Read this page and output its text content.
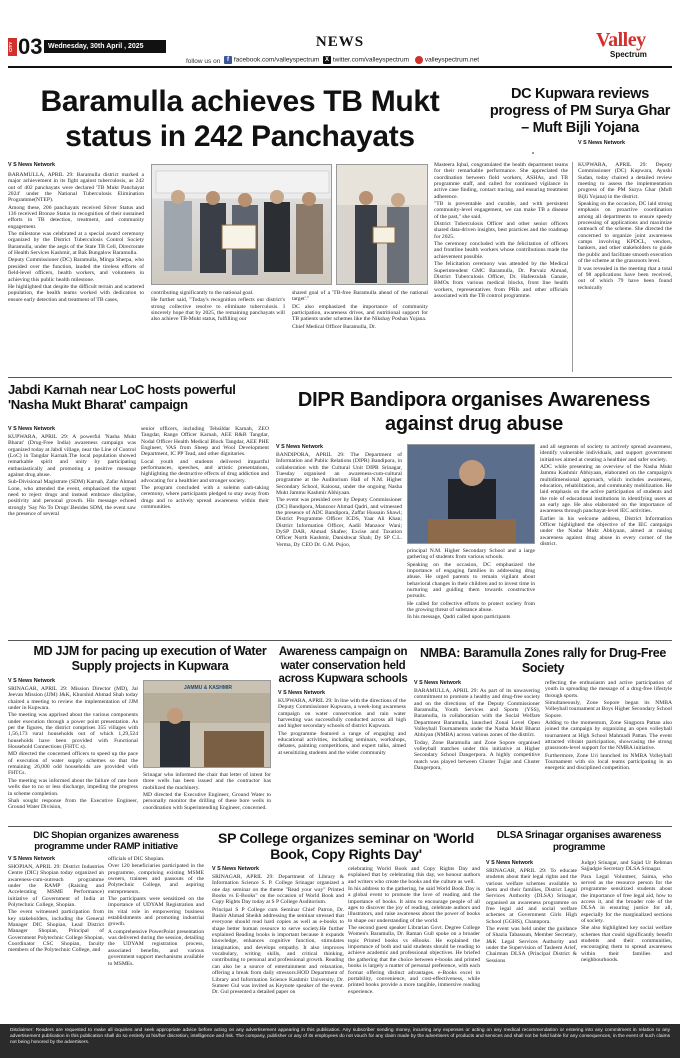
CITY 03 Wednesday, 30th April , 2025	NEWS
follow us on	f facebook.com/valleyspectrum X twitter.com/valleyspectrum	valleyspectrum.net
Valley
Spectrum
Baramulla achieves TB Mukt status in 242 Panchayats
V S News Network

BARAMULLA, APRIL 29: Baramulla district marked a major achievement in its fight against tuberculosis, as 242 out of 402 panchayats were declared 'TB Mukt Panchayat 2024' under the National Tuberculosis Elimination Programme(NTEP).

Among these, 206 panchayats received Silver Status and 136 received Bronze Status in recognition of their sustained efforts in TB detection, treatment, and community engagement.

The milestone was celebrated at a special award ceremony organized by the District Tuberculosis Control Society Baramulla, under the aegis of the State TB Cell, Directorate of Health Services Kashmir, at Bak Bungalow Baramulla.

Deputy Commissioner (DC) Baramulla, Minga Sherpa, who presided over the function, lauded the tireless efforts of field-level officers, health workers, and volunteers in achieving this public health milestone.

He highlighted that despite the difficult terrain and scattered population, the health teams worked with dedication to ensure early detection and treatment of TB cases,

contributing significantly to the national goal.

He further said, "Today's recognition reflects our district's strong collective resolve to eliminate tuberculosis. I sincerely hope that by 2025, the remaining panchayats will also achieve TB-Mukt status, fulfilling our

shared goal of a 'TB-free Baramulla ahead of the national target'."

DC also emphasized the importance of community participation, awareness drives, and nutritional support for TB patients under schemes like the Nikshay Poshan Yojana.

Chief Medical Officer Baramulla, Dr.

Masteera Iqbal, congratulated the health department teams for their remarkable performance. She appreciated the coordination between field workers, ASHAs, and TB programme staff, and called for continued vigilance in active case finding, contact tracing, and ensuring treatment adherence.

"TB is preventable and curable, and with persistent community-level engagement, we can make TB a disease of the past," she said.

District Tuberculosis Officer and other senior officers shared data-driven insights, best practices and the roadmap for 2025.

The ceremony concluded with the felicitation of officers and frontline health workers whose contributions made the achievement possible.

The felicitation ceremony was attended by the Medical Superintendent GMC Baramulla, Dr. Parvaiz Ahmad, District Tuberculosis Officer, Dr. Hafeezulah Ganaie, BMOs from various medical blocks, front line health workers, representatives from PRIs and other officials associated with the TB control programme.

DC Kupwara reviews progress of PM Surya Ghar – Muft Bijli Yojana
V S News Network

KUPWARA, APRIL 29: Deputy Commissioner (DC) Kupwara, Ayushi Sudan, today chaired a detailed review meeting to assess the implementation progress of the PM Surya Ghar (Muft Bijli Yojana) in the district.

Speaking on the occasion, DC laid strong emphasis on proactive coordination among all departments to ensure speedy processing of applications and maximize outreach of the scheme. She directed the concerned to organize joint awareness camps involving KPDCL, vendors, bankers, and other stakeholders to guide the public and facilitate smooth execution of the scheme at the grassroots level.

It was revealed in the meeting that a total of 98 applications have been received, out of which 79 have been found technically

Jabdi Karnah near LoC hosts powerful 'Nasha Mukt Bharat' campaign
V S News Network

KUPWARA, APRIL 29: A powerful 'Nasha Mukt Bharat' (Drug-Free India) awareness campaign was organized today at Jabdi village, near the Line of Control (LoC) in Tangdar Karnah.The local population showed remarkable spirit and unity by participating enthusiastically and promoting a positive message against drug abuse.

Sub-Divisional Magistrate (SDM) Karnah, Zafar Ahmad Lone, who attended the event, emphasized the urgent need to reject drugs and instead embrace discipline, positivity and personal growth. His message echoed strongly 'Say No To Drugs'.Besides SDM, the event saw the presence of several

senior officers, including Tehsildar Karnah, ZEO Tangdar, Range Officer Karnah, AEE R&B Tangdar, Nodal Officer Health Medical Block Tangdar, AEE PHE Engineer, VAS from Sheep and Wool Development Department, IC PP Tead, and other dignitaries.

Local youth and students delivered impactful performances, speeches, and artistic presentations, highlighting the destructive effects of drug addiction and advocating for a healthier and stronger society.

The program concluded with a solemn oath-taking ceremony, where participants pledged to stay away from drugs and to actively spread awareness within their communities.

DIPR Bandipora organises Awareness against drug abuse
V S News Network

BANDIPORA, APRIL 29: The Department of Information and Public Relations (DIPR) Bandipora, in collaboration with the Cultural Unit DIPR Srinagar, Tuesday organised an awareness-cum-cultural programme at the Auditorium Hall of N.M. Higher Secondary School, Kaloosa, under the ongoing Nasha Mukt Jammu Kashmir Abhiyaan.

The event was presided over by Deputy Commissioner (DC) Bandipora, Manzoor Ahmad Qadri, and witnessed the presence of ADC Bandipora, Zaffar Hussain Shawl; District Programme Officer ICDS, Yaar Ali Khan; District Information Officer, Aadil Manzoor Wani; DySP DAR, Ahmad Shafee; Excise and Taxation Officer North Kashmir, Danishwar Shah; Dy SP C.L. Verma, Dy CEO Dr. G.M. Pujoo,

principal N.M. Higher Secondary School and a large gathering of students from various schools.

Speaking on the occasion, DC emphasized the importance of engaging families in addressing drug abuse. He urged parents to remain vigilant about behavioral changes in their children and to invest time in nurturing and guiding them towards constructive pursuits.

He called for collective efforts to protect society from the growing threat of substance abuse.

In his message, Qadri called upon participants

and all segments of society to actively spread awareness, identify vulnerable individuals, and support government initiatives aimed at creating a healthier and safer society.

ADC while presenting an overview of the Nasha Mukt Jammu Kashmir Abhiyaan, elaborated on the campaign's multidimensional approach, which includes awareness, education, rehabilitation, and community mobilization. He laid emphasis on the active participation of students and the role of educational institutions in identifying users at an early age. He also elaborated on the importance of awareness through panchayat-level IEC activities.

Earlier in his welcome address, District Information Officer highlighted the objective of the IEC campaign under the Nasha Mukt Abhiyaan, aimed at raising awareness against drug abuse in every corner of the district.

MD JJM for pacing up execution of Water Supply projects in Kupwara
V S News Network

SRINAGAR, APRIL 29: Mission Director (MD), Jal Jeevan Mission (JJM) J&K, Khurshid Ahmad Shah today chaired a meeting to review the implementation of JJM under in Kupwara.

The meeting was apprised about the various components under execution through a power point presentation. As per the figures, the district comprises 355 villages with 1,56,173 rural households out of which 1,29,524 households have been provided with Functional Household Connections (FHTC s).

MD directed the concerned officers to speed up the pace of execution of water supply schemes so that the remaining 26,000 odd households are provided with FHTCs.

The meeting was informed about the failure of rate bore wells due to no or less discharge, impeding the progress in scheme completion.

Shah sought response from the Executive Engineer, Ground Water Division,

JAMMU & KASHMIR

Srinagar who informed the chair that letter of intent for three wells has been issued and the contractor has mobilized the machinery.

MD directed the Executive Engineer, Ground Water to personally monitor the drilling of these bore wells in coordination with Superintending Engineer, concerned.

Awareness campaign on water conservation held across Kupwara schools
V S News Network

KUPWARA, APRIL 29: In line with the directions of the Deputy Commissioner Kupwara, a week-long awareness campaign on water conservation and rain water harvesting was successfully conducted across all high and higher secondary schools of district Kupwara.

The programme featured a range of engaging and educational activities, including seminars, workshops, debates, painting competitions, and expert talks, aimed at sensitizing students and the wider community

NMBA: Baramulla Zones rally for Drug-Free Society
V S News Network

BARAMULLA, APRIL 29: As part of its unwavering commitment to promote a healthy and drug-free society and on the directions of the Deputy Commissioner Baramulla, Youth Services and Sports (YSS), Baramulla, in collaboration with the Social Welfare Department Baramulla, launched Zonal Level Open Volleyball Tournaments under the Nasha Mukt Bharat Abhiyan (NMBA) across various zones of the district.

Today, Zone Baramulla and Zone Sopore organised volleyball matches under this initiative at Higher Secondary School Dangerpora. A highly competitive match was played between Cluster Tujjar and Cluster Dangerpora,

reflecting the enthusiasm and active participation of youth in spreading the message of a drug-free lifestyle through sports.

Simultaneously, Zone Sopore began its NMBA Volleyball tournament at Boys Higher Secondary School Sopore.

Adding to the momentum, Zone Singpora Pattan also joined the campaign by organizing an open volleyball tournament at High School Mahmadi Pattan. The event attracted vibrant participation, showcasing the strong grassroots-level support for the NMBA initiative.

Furthermore, Zone Uri launched its NMBA Volleyball Tournament with six local teams participating in an energetic and disciplined competition.

DIC Shopian organizes awareness programme under RAMP initiative
V S News Network

SHOPIAN, APRIL 29: District Industries Centre (DIC) Shopian today organized an awareness-cum-outreach programme under the RAMP (Raising and Accelerating MSME Performance) initiative of Government of India at Polytechnic College, Shopian.

The event witnessed participation from key stakeholders, including the General Manager DIC Shopian, Lead District Manager Shopian, Principal of Government Polytechnic College Shopian, Coordinator CSC Shopian, faculty members of the Polytechnic College, and

officials of DIC Shopian.

Over 120 beneficiaries participated in the programme, comprising existing MSME owners, trainees and passouts of the Polytechnic College, and aspiring entrepreneurs.

The participants were sensitized on the importance of UDYAM Registration and its vital role in empowering business establishments and promoting industrial growth.

A comprehensive PowerPoint presentation was delivered during the session, detailing the UDYAM registration process, associated benefits, and various government support mechanisms available to MSMEs.

SP College organizes seminar on 'World Book, Copy Rights Day'
V S News Network

SRINAGAR, APRIL 29: Department of Library & Information Science S. P. College Srinagar organized a one day seminar on the theme "Read your way" Printed Books vs E-Books" on the occasion of World Book and Copy Rights Day today at S P College Auditorium.

Principal S P College cum Seminar Chief Patron, Dr. Bashir Ahmad Sheikh addressing the seminar stressed that everyone should read hard copies as well as e-books to shape better human resource to serve society.He further explained Reading books is important because it expands knowledge, enhances cognitive function, stimulates imagination, and develops empathy. It also improves vocabulary, writing skills, and critical thinking, contributing to personal and professional growth. Reading can also be a source of entertainment and relaxation, offering a break from daily stressors.HOD Department of Library and Information Science Kashmir University, Dr. Sumeer Gul was invited as Keynote speaker of the event. Dr. Gul presented a detailed paper on

celebrating World Book and Copy Rights Day and explained that by celebrating this day, we honour authors and writers who create the books and the culture as well.

In his address to the gathering, he said World Book Day is a global event to promote the love of reading and the importance of books. It aims to encourage people of all ages to discover the joy of reading, celebrate authors and illustrators, and raise awareness about the power of books to shape our understanding of the world.

The second guest speaker Librarian Govt. Degree College Women's Baramulla, Dr. Raman Gull spoke on a broader topic Printed books vs eBooks. He explained the importance of both and said students should be reading to achieve academic and professional objectives. He briefed the gathering that the choice between e-books and printed books is largely a matter of personal preference, with each format offering distinct advantages. e-Books excel in portability, convenience, and cost-effectiveness, while printed books provide a more tangible, immersive reading experience.

DLSA Srinagar organises awareness programme
V S News Network

SRINAGAR, APRIL 29: To educate students about their legal rights and the various welfare schemes available to them and their families, District Legal Services Authority (DLSA) Srinagar, organised an awareness programme on free legal aid and social welfare schemes at Government Girls High School (GGHS), Channpora.

The event was held under the guidance of Shazia Tabassum, Member Secretary, J&K Legal Services Authority and under the Supervision of Tasleem Arief, Chairman DLSA (Principal District & Sessions

Judge) Srinagar, and Sajad Ur Rehman Sajjadgie Secretary DLSA Srinagar.

Para Legal Volunteer, Saima, who served as the resource person for the programme sensitized students about the importance of free legal aid, how to access it, and the broader role of the DLSA in ensuring justice for all, especially for the marginalized sections of society.

She also highlighted key social welfare schemes that could significantly benefit students and their communities, encouraging them to spread awareness within their families and neighbourhoods.

Disclaimer: Readers are requested to make all inquiries and seek appropriate advice before acting on any advertisement appearing in this publication. Any subscriber sending money, incurring any expenses or acting on any medical recommendation or entering into any commitment in relation to any advertisement publication in this publication shall do so entirely at his/her discretion, intelligence and risk. The company, publisher or any of its employees do not vouch for any claim made by the advertisers of products and services and shall not be held liable for any consequences, in the event of such claims not being honored by the advertisers.
